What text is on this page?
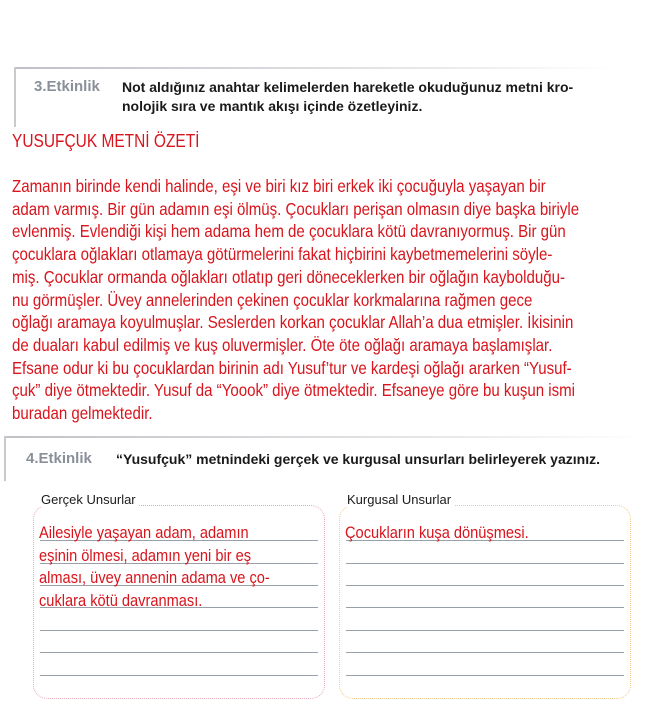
3.Etkinlik Not aldığınız anahtar kelimelerden hareketle okuduğunuz metni kro-
nolojik sıra ve mantık akışı içinde özetleyiniz.
YUSUFÇUK METNİ ÖZETİ
Zamanın birinde kendi halinde, eşi ve biri kız biri erkek iki çocuğuyla yaşayan bir
adam varmış. Bir gün adamın eşi ölmüş. Çocukları perişan olmasın diye başka biriyle
evlenmiş. Evlendiği kişi hem adama hem de çocuklara kötü davranıyormuş. Bir gün
çocuklara oğlakları otlamaya götürmelerini fakat hiçbirini kaybetmemelerini söyle-
miş. Çocuklar ormanda oğlakları otlatıp geri döneceklerken bir oğlağın kaybolduğu-
nu görmüşler. Üvey annelerinden çekinen çocuklar korkmalarına rağmen gece
oğlağı aramaya koyulmuşlar. Seslerden korkan çocuklar Allah’a dua etmişler. İkisinin
de duaları kabul edilmiş ve kuş oluvermişler. Öte öte oğlağı aramaya başlamışlar.
Efsane odur ki bu çocuklardan birinin adı Yusuf’tur ve kardeşi oğlağı ararken “Yusuf-
çuk” diye ötmektedir. Yusuf da “Yoook” diye ötmektedir. Efsaneye göre bu kuşun ismi
buradan gelmektedir.
4.Etkinlik “Yusufçuk” metnindeki gerçek ve kurgusal unsurları belirleyerek yazınız.
Gerçek Unsurlar
Ailesiyle yaşayan adam, adamın
eşinin ölmesi, adamın yeni bir eş
alması, üvey annenin adama ve ço-
cuklara kötü davranması.
Kurgusal Unsurlar
Çocukların kuşa dönüşmesi.
